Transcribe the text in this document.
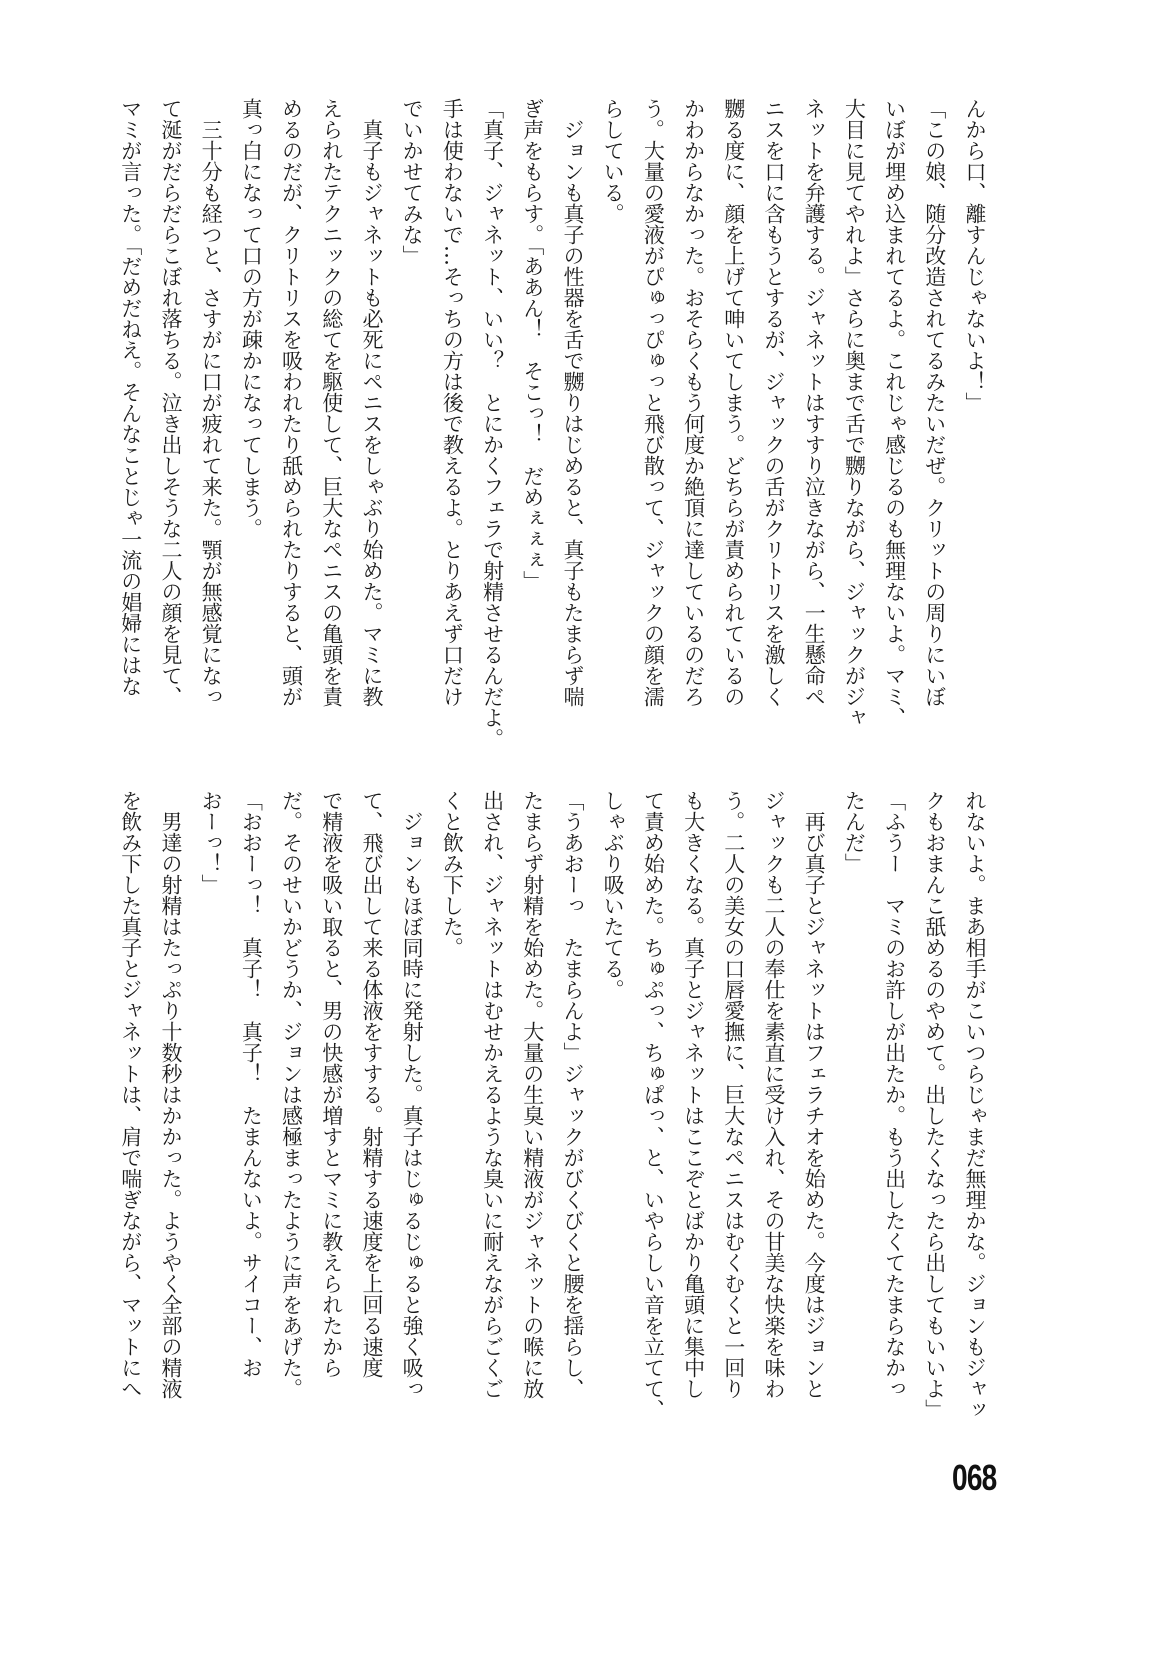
んから口、離すんじゃないよ！」
「この娘、随分改造されてるみたいだぜ。クリットの周りにいぼ
いぼが埋め込まれてるよ。これじゃ感じるのも無理ないよ。マミ、
大目に見てやれよ」さらに奥まで舌で嬲りながら、ジャックがジャ
ネットを弁護する。ジャネットはすすり泣きながら、一生懸命ペ
ニスを口に含もうとするが、ジャックの舌がクリトリスを激しく
嬲る度に、顔を上げて呻いてしまう。どちらが責められているの
かわからなかった。おそらくもう何度か絶頂に達しているのだろ
う。大量の愛液がぴゅっぴゅっと飛び散って、ジャックの顔を濡
らしている。
　ジョンも真子の性器を舌で嬲りはじめると、真子もたまらず喘
ぎ声をもらす。「ああん！　そこっ！　だめぇぇぇ」
「真子、ジャネット、いい？　とにかくフェラで射精させるんだよ。
手は使わないで…そっちの方は後で教えるよ。とりあえず口だけ
でいかせてみな」
　真子もジャネットも必死にペニスをしゃぶり始めた。マミに教
えられたテクニックの総てを駆使して、巨大なペニスの亀頭を責
めるのだが、クリトリスを吸われたり舐められたりすると、頭が
真っ白になって口の方が疎かになってしまう。
　三十分も経つと、さすがに口が疲れて来た。顎が無感覚になっ
て涎がだらだらこぼれ落ちる。泣き出しそうな二人の顔を見て、
マミが言った。「だめだねえ。そんなことじゃ一流の娼婦にはな
れないよ。まあ相手がこいつらじゃまだ無理かな。ジョンもジャッ
クもおまんこ舐めるのやめて。出したくなったら出してもいいよ」
「ふうー　マミのお許しが出たか。もう出したくてたまらなかっ
たんだ」
　再び真子とジャネットはフェラチオを始めた。今度はジョンと
ジャックも二人の奉仕を素直に受け入れ、その甘美な快楽を味わ
う。二人の美女の口唇愛撫に、巨大なペニスはむくむくと一回り
も大きくなる。真子とジャネットはここぞとばかり亀頭に集中し
て責め始めた。ちゅぷっ、ちゅぱっ、と、いやらしい音を立てて、
しゃぶり吸いたてる。
「うあおーっ　たまらんよ」ジャックがびくびくと腰を揺らし、
たまらず射精を始めた。大量の生臭い精液がジャネットの喉に放
出され、ジャネットはむせかえるような臭いに耐えながらごくご
くと飲み下した。
　ジョンもほぼ同時に発射した。真子はじゅるじゅると強く吸っ
て、飛び出して来る体液をすする。射精する速度を上回る速度
で精液を吸い取ると、男の快感が増すとマミに教えられたから
だ。そのせいかどうか、ジョンは感極まったように声をあげた。
「おおーっ！　真子！　真子！　たまんないよ。サイコー、お
おーっ！」
　男達の射精はたっぷり十数秒はかかった。ようやく全部の精液
を飲み下した真子とジャネットは、肩で喘ぎながら、マットにへ
068
